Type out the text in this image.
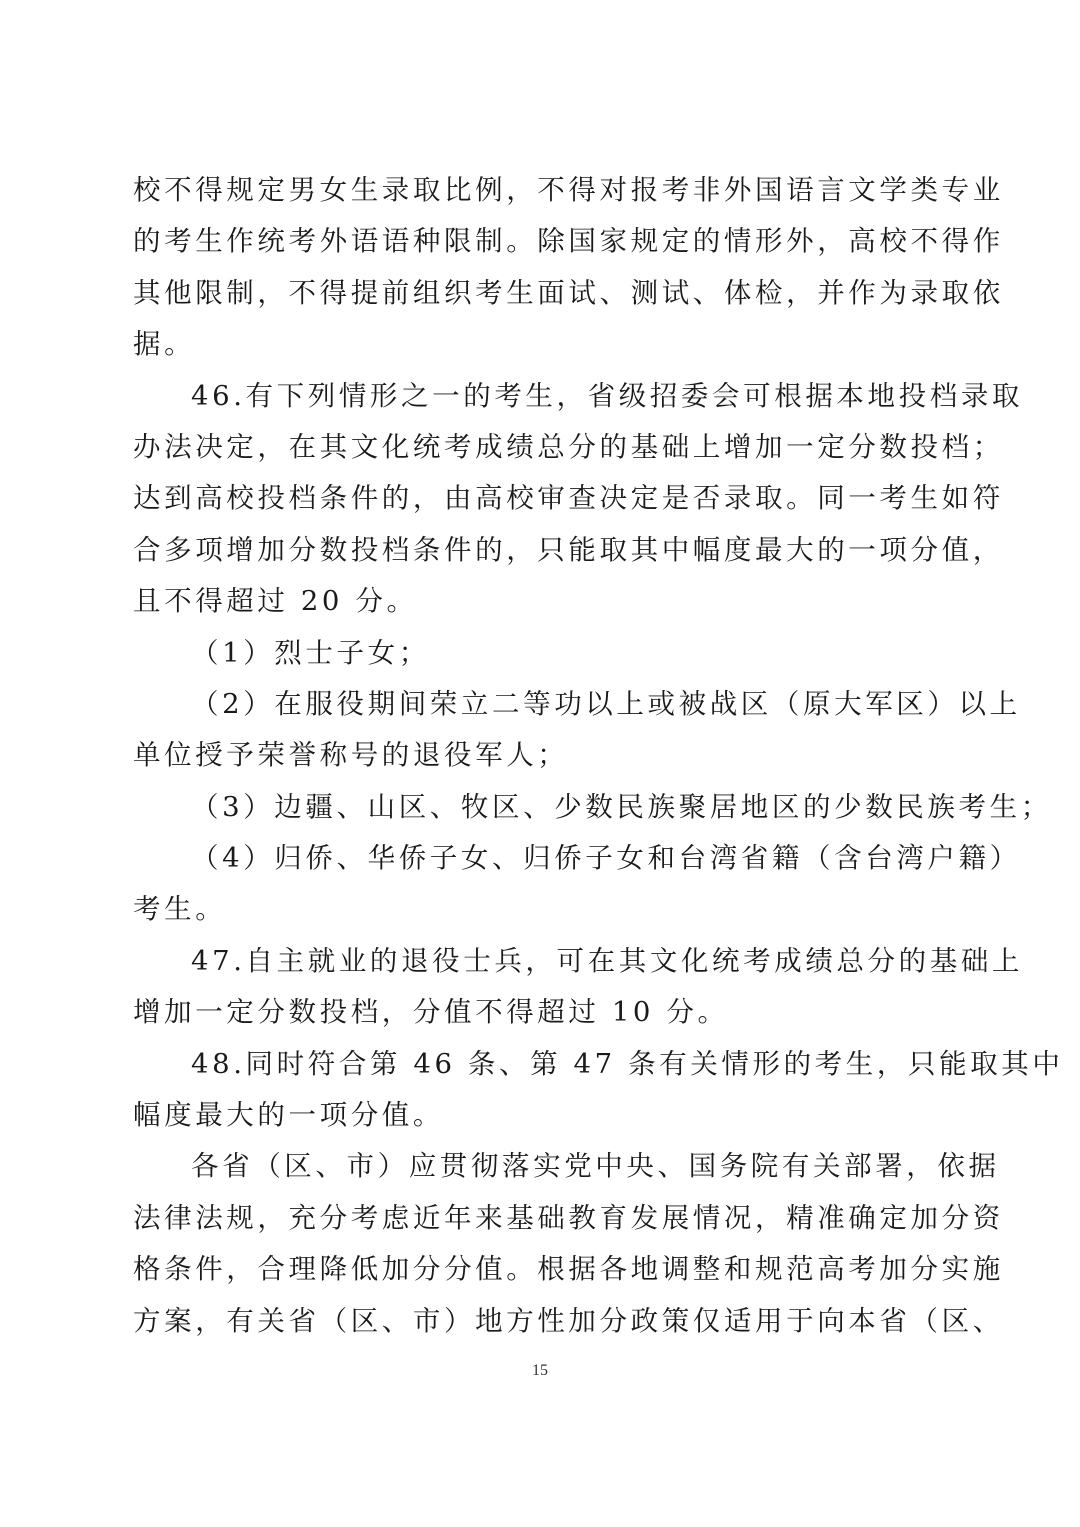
校不得规定男女生录取比例，不得对报考非外国语言文学类专业
的考生作统考外语语种限制。除国家规定的情形外，高校不得作
其他限制，不得提前组织考生面试、测试、体检，并作为录取依
据。
46.有下列情形之一的考生，省级招委会可根据本地投档录取
办法决定，在其文化统考成绩总分的基础上增加一定分数投档；
达到高校投档条件的，由高校审查决定是否录取。同一考生如符
合多项增加分数投档条件的，只能取其中幅度最大的一项分值，
且不得超过 20 分。
（1）烈士子女；
（2）在服役期间荣立二等功以上或被战区（原大军区）以上
单位授予荣誉称号的退役军人；
（3）边疆、山区、牧区、少数民族聚居地区的少数民族考生；
（4）归侨、华侨子女、归侨子女和台湾省籍（含台湾户籍）
考生。
47.自主就业的退役士兵，可在其文化统考成绩总分的基础上
增加一定分数投档，分值不得超过 10 分。
48.同时符合第 46 条、第 47 条有关情形的考生，只能取其中
幅度最大的一项分值。
各省（区、市）应贯彻落实党中央、国务院有关部署，依据
法律法规，充分考虑近年来基础教育发展情况，精准确定加分资
格条件，合理降低加分分值。根据各地调整和规范高考加分实施
方案，有关省（区、市）地方性加分政策仅适用于向本省（区、
15
